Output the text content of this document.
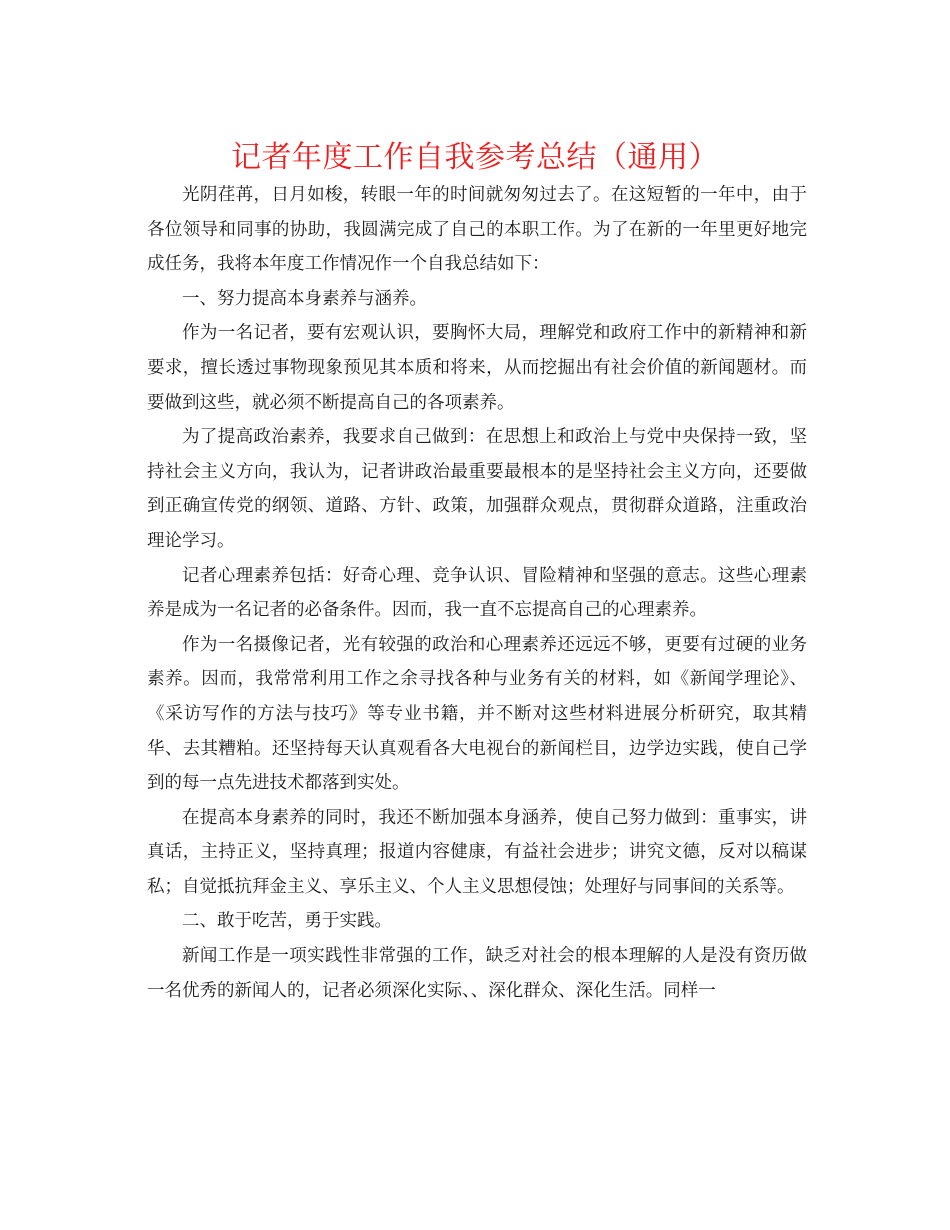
记者年度工作自我参考总结（通用）

光阴荏苒，日月如梭，转眼一年的时间就匆匆过去了。在这短暂的一年中，由于各位领导和同事的协助，我圆满完成了自己的本职工作。为了在新的一年里更好地完成任务，我将本年度工作情况作一个自我总结如下：

一、努力提高本身素养与涵养。

作为一名记者，要有宏观认识，要胸怀大局，理解党和政府工作中的新精神和新要求，擅长透过事物现象预见其本质和将来，从而挖掘出有社会价值的新闻题材。而要做到这些，就必须不断提高自己的各项素养。

为了提高政治素养，我要求自己做到：在思想上和政治上与党中央保持一致，坚持社会主义方向，我认为，记者讲政治最重要最根本的是坚持社会主义方向，还要做到正确宣传党的纲领、道路、方针、政策，加强群众观点，贯彻群众道路，注重政治理论学习。

记者心理素养包括：好奇心理、竞争认识、冒险精神和坚强的意志。这些心理素养是成为一名记者的必备条件。因而，我一直不忘提高自己的心理素养。

作为一名摄像记者，光有较强的政治和心理素养还远远不够，更要有过硬的业务素养。因而，我常常利用工作之余寻找各种与业务有关的材料，如《新闻学理论》、《采访写作的方法与技巧》等专业书籍，并不断对这些材料进展分析研究，取其精华、去其糟粕。还坚持每天认真观看各大电视台的新闻栏目，边学边实践，使自己学到的每一点先进技术都落到实处。

在提高本身素养的同时，我还不断加强本身涵养，使自己努力做到：重事实，讲真话，主持正义，坚持真理；报道内容健康，有益社会进步；讲究文德，反对以稿谋私；自觉抵抗拜金主义、享乐主义、个人主义思想侵蚀；处理好与同事间的关系等。

二、敢于吃苦，勇于实践。

新闻工作是一项实践性非常强的工作，缺乏对社会的根本理解的人是没有资历做一名优秀的新闻人的，记者必须深化实际、、深化群众、深化生活。同样一
